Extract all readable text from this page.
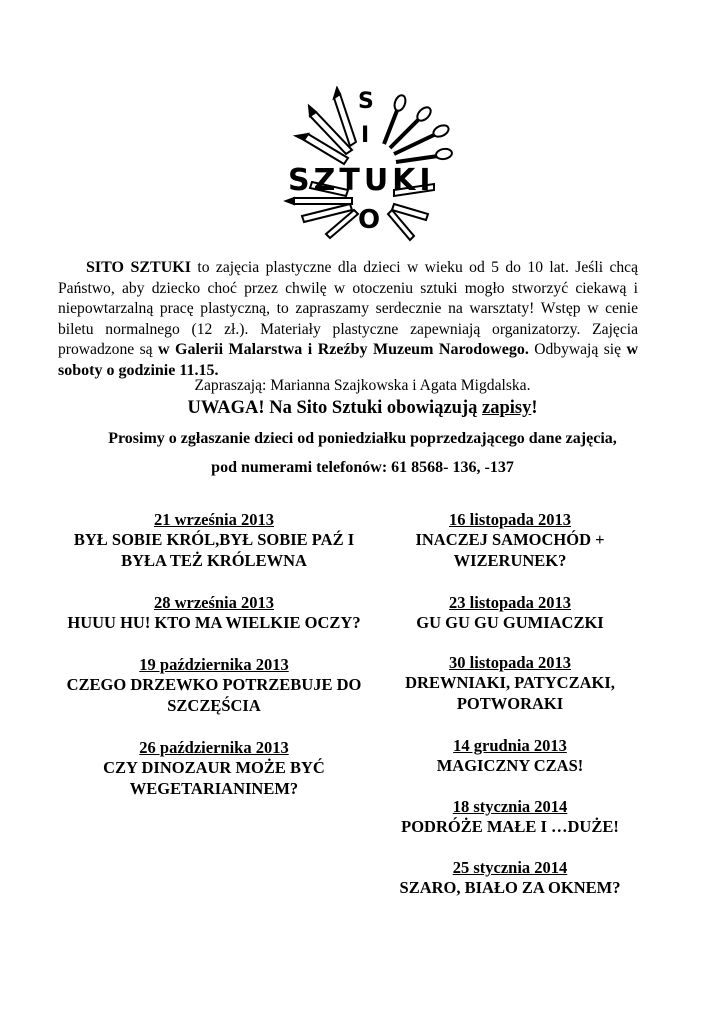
S
I
SZTUKI
O
SITO SZTUKI to zajęcia plastyczne dla dzieci w wieku od 5 do 10 lat. Jeśli chcą Państwo, aby dziecko choć przez chwilę w otoczeniu sztuki mogło stworzyć ciekawą i niepowtarzalną pracę plastyczną, to zapraszamy serdecznie na warsztaty! Wstęp w cenie biletu normalnego (12 zł.). Materiały plastyczne zapewniają organizatorzy. Zajęcia prowadzone są w Galerii Malarstwa i Rzeźby Muzeum Narodowego. Odbywają się w soboty o godzinie 11.15.
Zapraszają: Marianna Szajkowska i Agata Migdalska.
UWAGA! Na Sito Sztuki obowiązują zapisy!
Prosimy o zgłaszanie dzieci od poniedziałku poprzedzającego dane zajęcia,
pod numerami telefonów: 61 8568- 136, -137
21 września 2013
BYŁ SOBIE KRÓL,BYŁ SOBIE PAŹ I BYŁA TEŻ KRÓLEWNA
28 września 2013
HUUU HU! KTO MA WIELKIE OCZY?
19 października 2013
CZEGO DRZEWKO POTRZEBUJE DO SZCZĘŚCIA
26 października 2013
CZY DINOZAUR MOŻE BYĆ WEGETARIANINEM?
16 listopada 2013
INACZEJ SAMOCHÓD + WIZERUNEK?
23 listopada 2013
GU GU GU GUMIACZKI
30 listopada 2013
DREWNIAKI, PATYCZAKI, POTWORAKI
14 grudnia 2013
MAGICZNY CZAS!
18 stycznia 2014
PODRÓŻE MAŁE I …DUŻE!
25 stycznia 2014
SZARO, BIAŁO ZA OKNEM?
